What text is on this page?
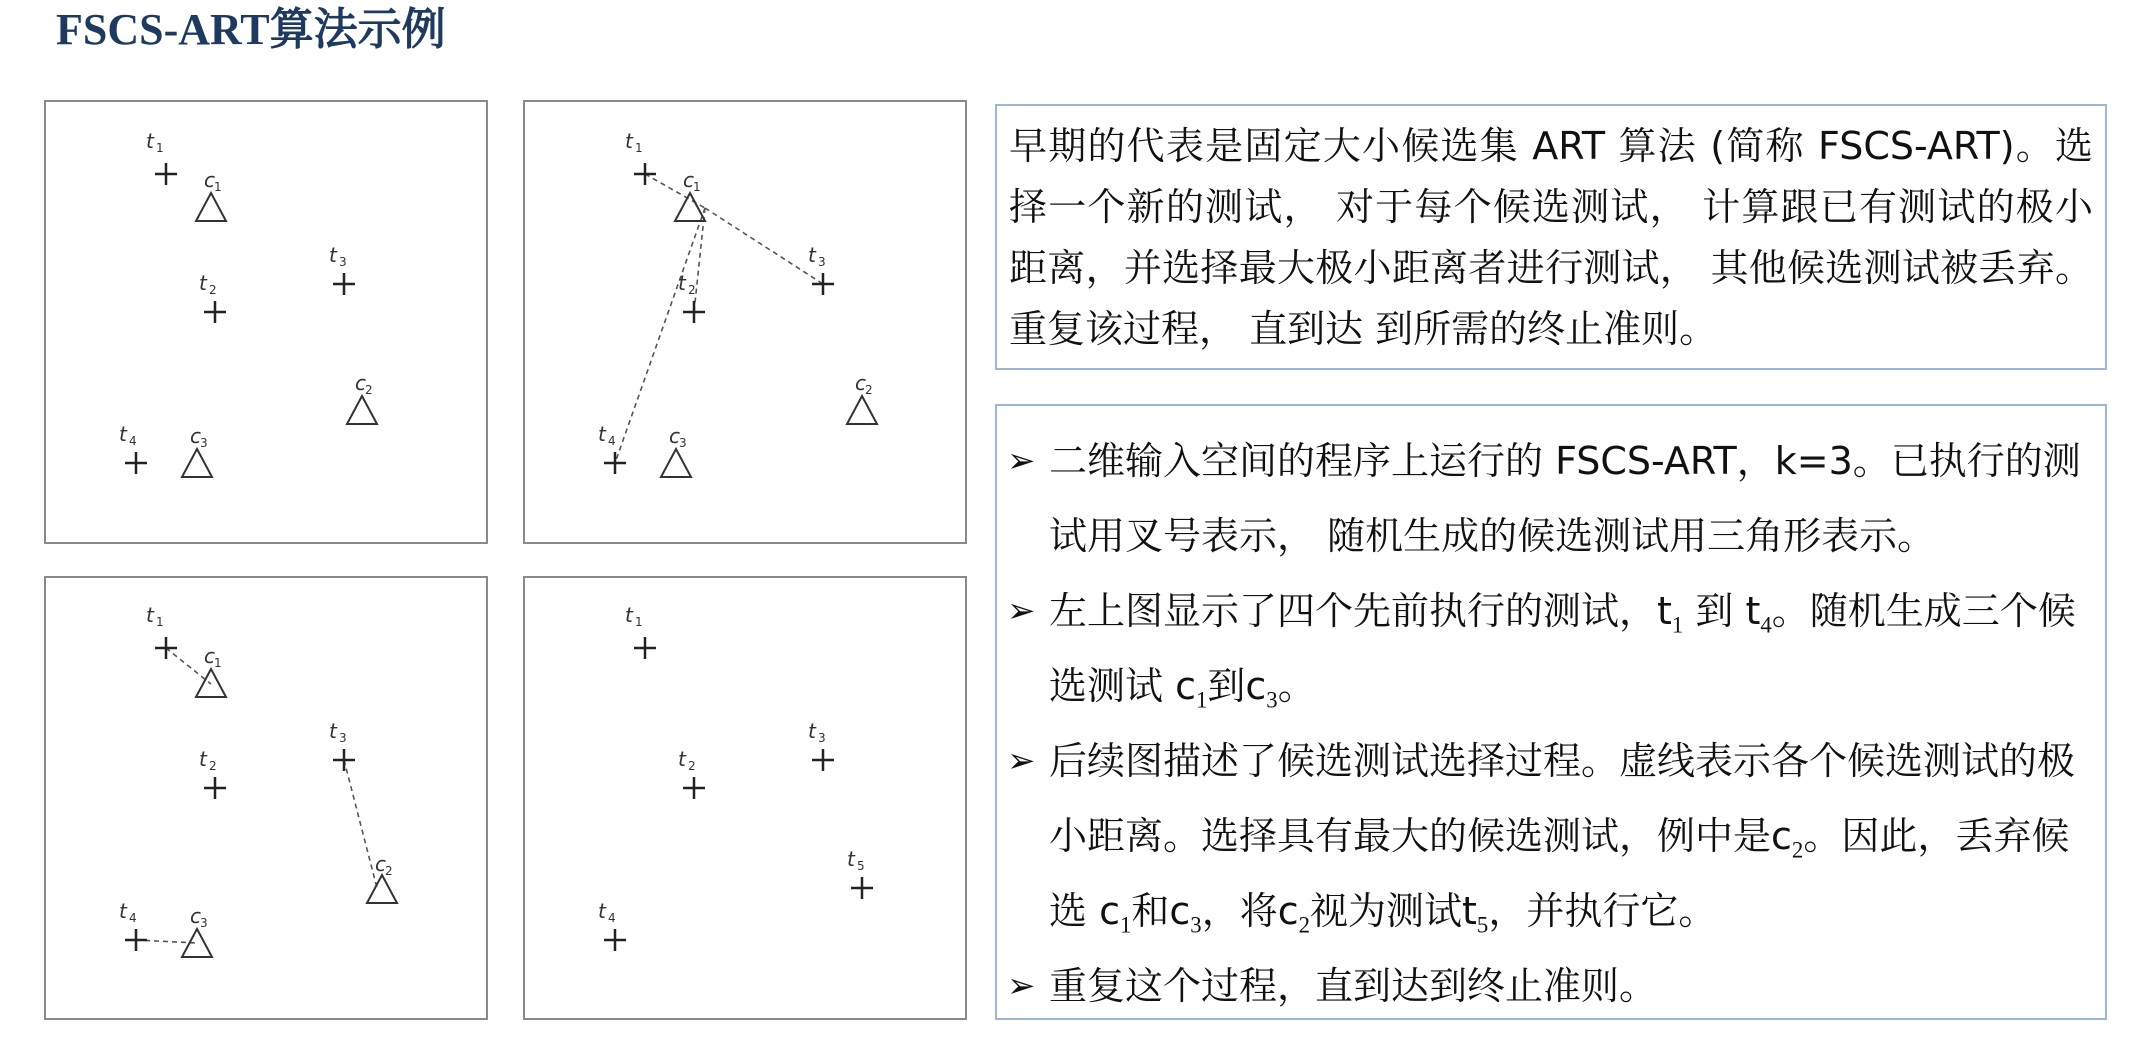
FSCS-ART算法示例
t 1
c 1
t 2
t 3
c 2
t 4	c 3
t 1
c 1
t 2
t 3
c 2
t 4	c 3
t 1
c 1
t 2
t 3
c 2
t 4	c 3
t 1
t 2
t 3
t 5
t 4

早期的代表是固定大小候选集 ART 算法 (简称 FSCS-ART)。选择一个新的测试， 对于每个候选测试， 计算跟已有测试的极小距离，并选择最大极小距离者进行测试， 其他候选测试被丢弃。重复该过程， 直到达 到所需的终止准则。

➢ 二维输入空间的程序上运行的 FSCS-ART，k=3。已执行的测试用叉号表示， 随机生成的候选测试用三角形表示。

➢ 左上图显示了四个先前执行的测试，$t_1$ 到 $t_4$。随机生成三个候选测试 $c_1$到$c_3$。

➢ 后续图描述了候选测试选择过程。虚线表示各个候选测试的极小距离。选择具有最大的候选测试，例中是$c_2$。因此，丢弃候选 $c_1$和$c_3$，将$c_2$视为测试$t_5$，并执行它。

➢ 重复这个过程，直到达到终止准则。
